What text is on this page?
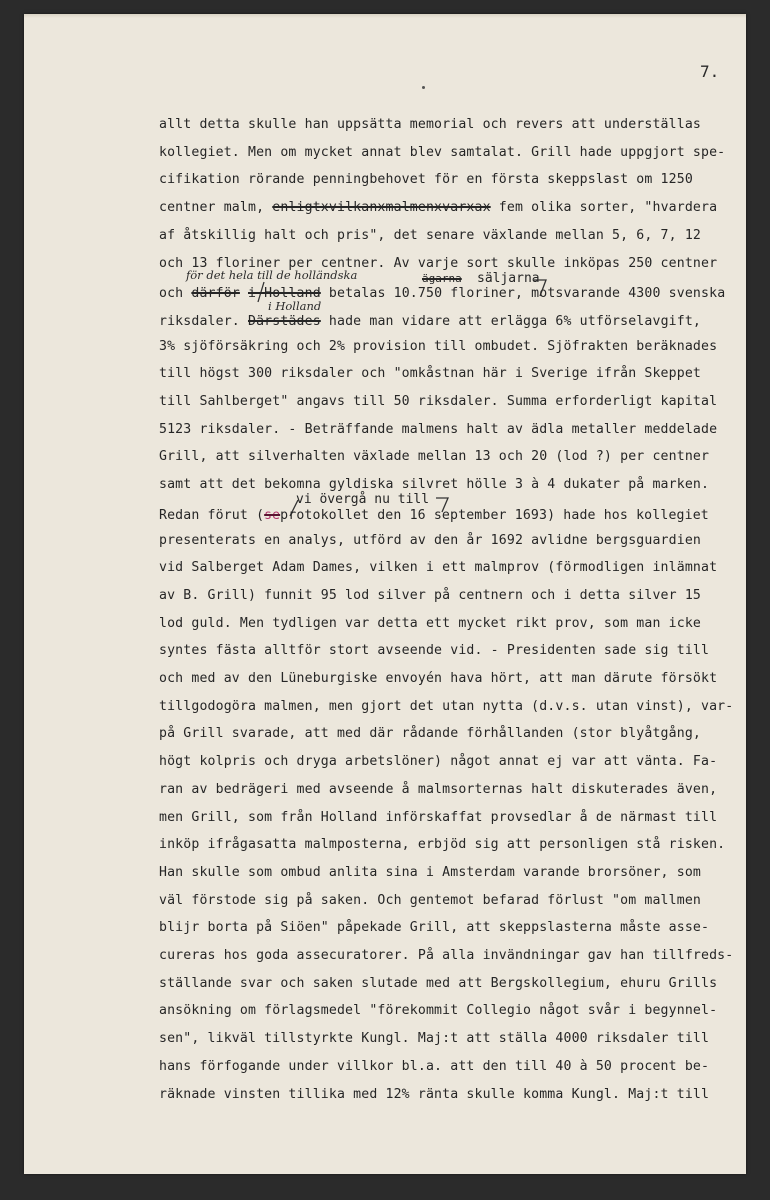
7.
centner malm, enligtxvilkanxmalmenxvarxax fem olika sorter, "hvardera
för det hela till de holländska	ägarna säljarna
och därför i Holland betalas 10.750 floriner, motsvarande 4300 svenska
i Holland
riksdaler. Därstädes hade man vidare att erlägga 6% utförselavgift,
vi övergå nu till
Redan förut (seprotokollet den 16 september 1693) hade hos kollegiet
allt detta skulle han uppsätta memorial och revers att underställas
kollegiet. Men om mycket annat blev samtalat. Grill hade uppgjort spe-
cifikation rörande penningbehovet för en första skeppslast om 1250
af åtskillig halt och pris", det senare växlande mellan 5, 6, 7, 12
och 13 floriner per centner. Av varje sort skulle inköpas 250 centner
3% sjöförsäkring och 2% provision till ombudet. Sjöfrakten beräknades
till högst 300 riksdaler och "omkåstnan här i Sverige ifrån Skeppet
till Sahlberget" angavs till 50 riksdaler. Summa erforderligt kapital
5123 riksdaler. - Beträffande malmens halt av ädla metaller meddelade
Grill, att silverhalten växlade mellan 13 och 20 (lod ?) per centner
samt att det bekomna gyldiska silvret hölle 3 à 4 dukater på marken.
presenterats en analys, utförd av den år 1692 avlidne bergsguardien
vid Salberget Adam Dames, vilken i ett malmprov (förmodligen inlämnat
av B. Grill) funnit 95 lod silver på centnern och i detta silver 15
lod guld. Men tydligen var detta ett mycket rikt prov, som man icke
syntes fästa alltför stort avseende vid. - Presidenten sade sig till
och med av den Lüneburgiske envoyén hava hört, att man därute försökt
tillgodogöra malmen, men gjort det utan nytta (d.v.s. utan vinst), var-
på Grill svarade, att med där rådande förhållanden (stor blyåtgång,
högt kolpris och dryga arbetslöner) något annat ej var att vänta. Fa-
ran av bedrägeri med avseende å malmsorternas halt diskuterades även,
men Grill, som från Holland införskaffat provsedlar å de närmast till
inköp ifrågasatta malmposterna, erbjöd sig att personligen stå risken.
Han skulle som ombud anlita sina i Amsterdam varande brorsöner, som
väl förstode sig på saken. Och gentemot befarad förlust "om mallmen
blijr borta på Siöen" påpekade Grill, att skeppslasterna måste asse-
cureras hos goda assecuratorer. På alla invändningar gav han tillfreds-
ställande svar och saken slutade med att Bergskollegium, ehuru Grills
ansökning om förlagsmedel "förekommit Collegio något svår i begynnel-
sen", likväl tillstyrkte Kungl. Maj:t att ställa 4000 riksdaler till
hans förfogande under villkor bl.a. att den till 40 à 50 procent be-
räknade vinsten tillika med 12% ränta skulle komma Kungl. Maj:t till
